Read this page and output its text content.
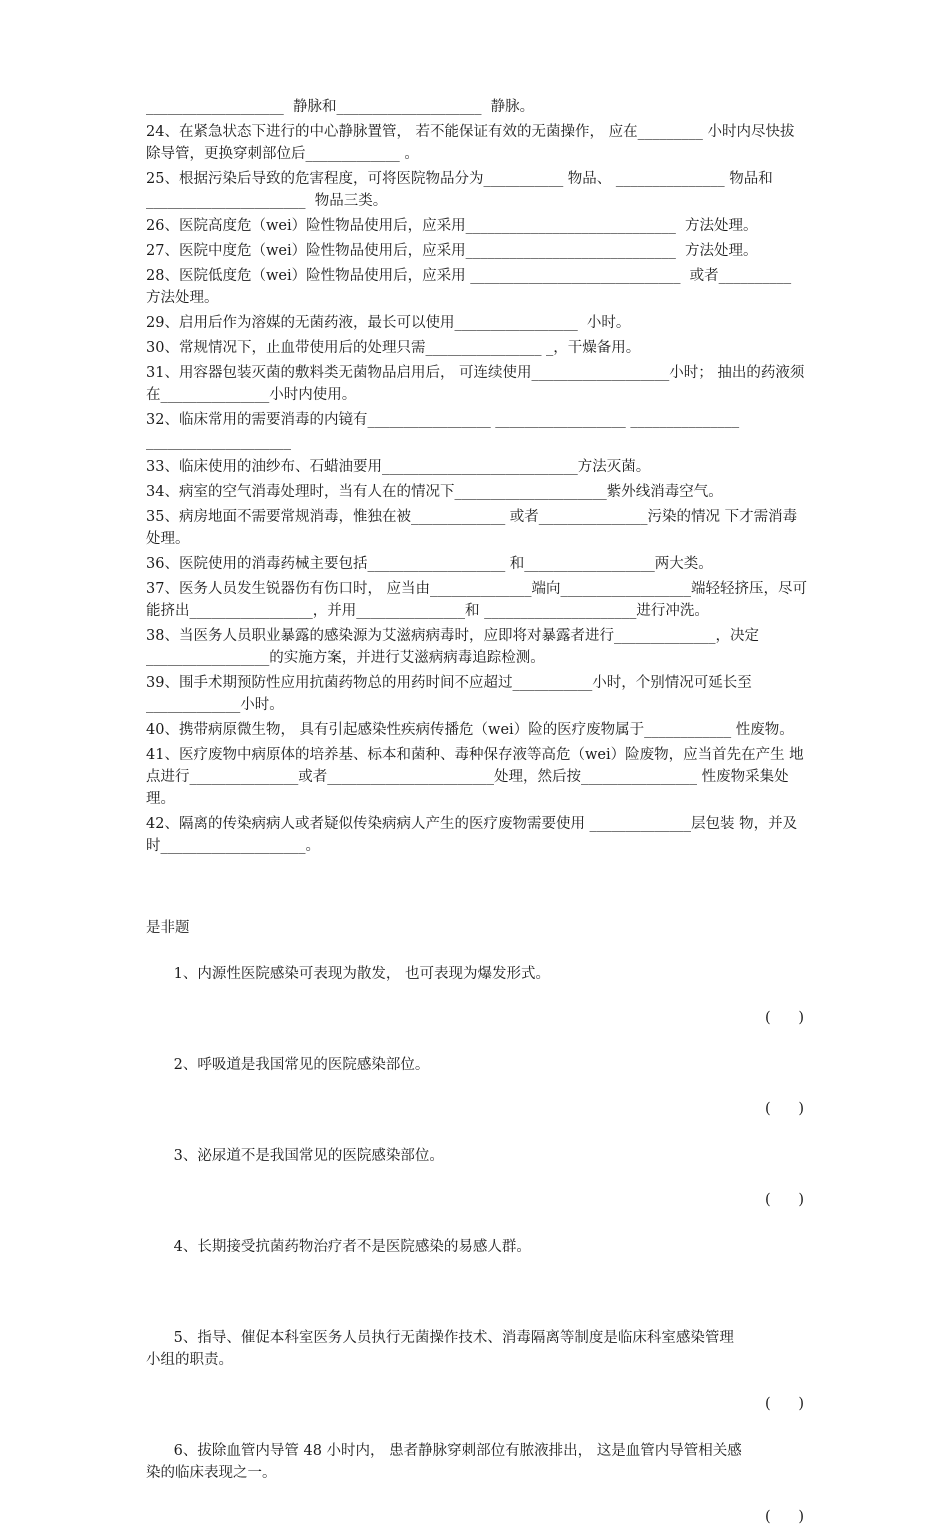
___________________  静脉和____________________  静脉。
24、在紧急状态下进行的中心静脉置管， 若不能保证有效的无菌操作， 应在_________ 小时内尽快拔除导管，更换穿刺部位后_____________ 。
25、根据污染后导致的危害程度，可将医院物品分为___________ 物品、 _______________ 物品和______________________  物品三类。
26、医院高度危（wei）险性物品使用后，应采用_____________________________  方法处理。
27、医院中度危（wei）险性物品使用后，应采用_____________________________  方法处理。
28、医院低度危（wei）险性物品使用后，应采用 _____________________________  或者__________  方法处理。
29、启用后作为溶媒的无菌药液，最长可以使用_________________  小时。
30、常规情况下，止血带使用后的处理只需________________ _，干燥备用。
31、用容器包装灭菌的敷料类无菌物品启用后， 可连续使用___________________小时； 抽出的药液须在_______________小时内使用。
32、临床常用的需要消毒的内镜有_________________ __________________ _______________ ____________________
33、临床使用的油纱布、石蜡油要用___________________________方法灭菌。
34、病室的空气消毒处理时，当有人在的情况下_____________________紫外线消毒空气。
35、病房地面不需要常规消毒，惟独在被_____________ 或者_______________污染的情况 下才需消毒处理。
36、医院使用的消毒药械主要包括___________________ 和__________________两大类。
37、医务人员发生锐器伤有伤口时， 应当由______________端向__________________端轻轻挤压，尽可能挤出_________________，并用_______________和 _____________________进行冲洗。
38、当医务人员职业暴露的感染源为艾滋病病毒时，应即将对暴露者进行______________，决定_________________的实施方案，并进行艾滋病病毒追踪检测。
39、围手术期预防性应用抗菌药物总的用药时间不应超过___________小时，个别情况可延长至_____________小时。
40、携带病原微生物， 具有引起感染性疾病传播危（wei）险的医疗废物属于____________ 性废物。
41、医疗废物中病原体的培养基、标本和菌种、毒种保存液等高危（wei）险废物，应当首先在产生 地点进行_______________或者_______________________处理，然后按________________ 性废物采集处理。
42、隔离的传染病病人或者疑似传染病病人产生的医疗废物需要使用 ______________层包装 物，并及时____________________。
是非题

1、内源性医院感染可表现为散发， 也可表现为爆发形式。

(      )

2、呼吸道是我国常见的医院感染部位。

(      )

3、泌尿道不是我国常见的医院感染部位。

(      )

4、长期接受抗菌药物治疗者不是医院感染的易感人群。

5、指导、催促本科室医务人员执行无菌操作技术、消毒隔离等制度是临床科室感染管理小组的职责。

(      )

6、拔除血管内导管 48 小时内， 患者静脉穿刺部位有脓液排出， 这是血管内导管相关感染的临床表现之一。

(      )
